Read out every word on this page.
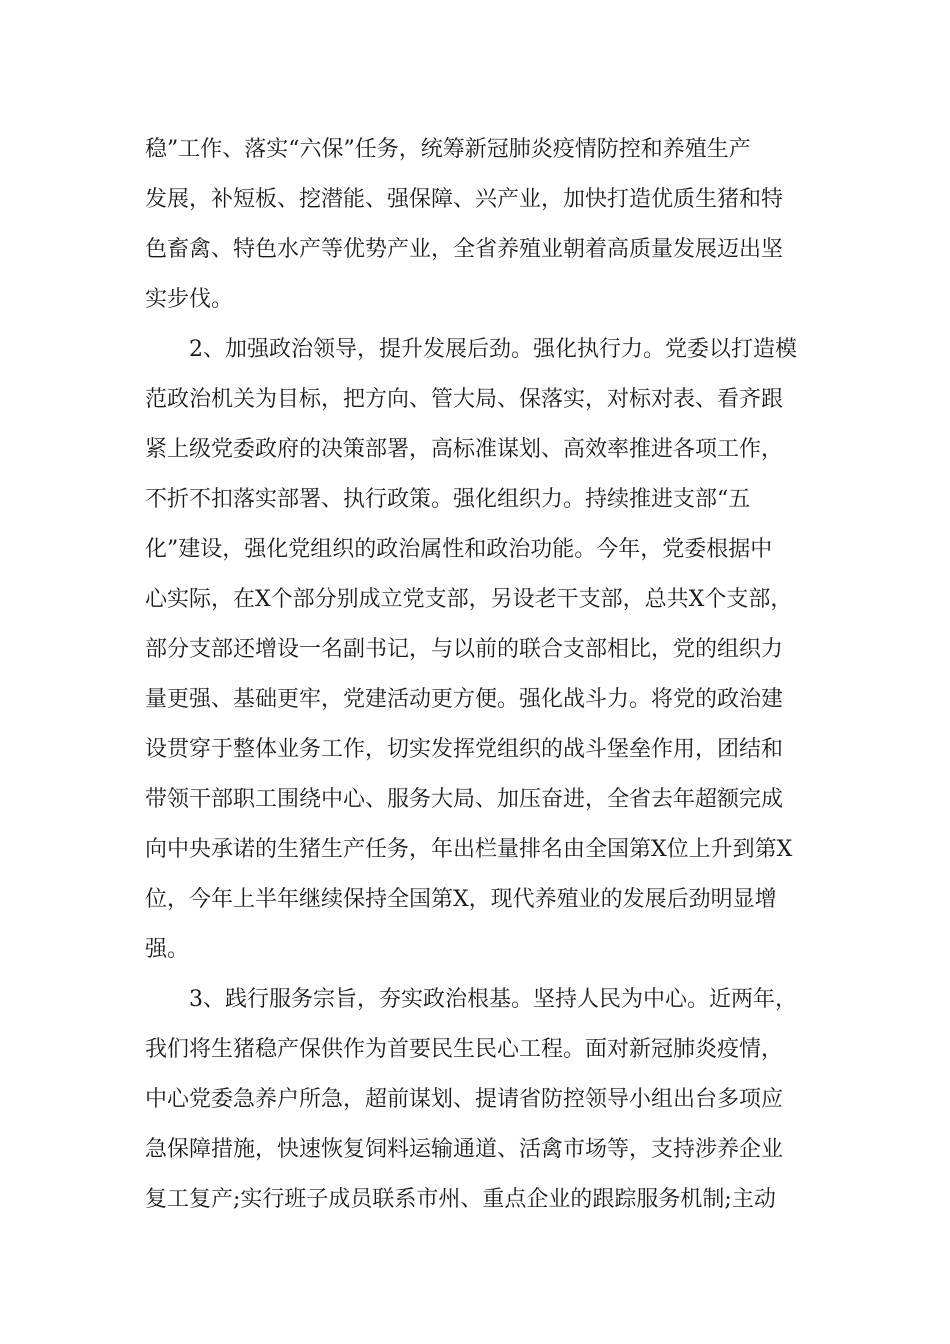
稳”工作、落实“六保”任务，统筹新冠肺炎疫情防控和养殖生产
发展，补短板、挖潜能、强保障、兴产业，加快打造优质生猪和特
色畜禽、特色水产等优势产业，全省养殖业朝着高质量发展迈出坚
实步伐。
2、加强政治领导，提升发展后劲。强化执行力。党委以打造模
范政治机关为目标，把方向、管大局、保落实，对标对表、看齐跟
紧上级党委政府的决策部署，高标准谋划、高效率推进各项工作，
不折不扣落实部署、执行政策。强化组织力。持续推进支部“五
化”建设，强化党组织的政治属性和政治功能。今年，党委根据中
心实际，在X个部分别成立党支部，另设老干支部，总共X个支部，
部分支部还增设一名副书记，与以前的联合支部相比，党的组织力
量更强、基础更牢，党建活动更方便。强化战斗力。将党的政治建
设贯穿于整体业务工作，切实发挥党组织的战斗堡垒作用，团结和
带领干部职工围绕中心、服务大局、加压奋进，全省去年超额完成
向中央承诺的生猪生产任务，年出栏量排名由全国第X位上升到第X
位，今年上半年继续保持全国第X，现代养殖业的发展后劲明显增
强。
3、践行服务宗旨，夯实政治根基。坚持人民为中心。近两年，
我们将生猪稳产保供作为首要民生民心工程。面对新冠肺炎疫情，
中心党委急养户所急，超前谋划、提请省防控领导小组出台多项应
急保障措施，快速恢复饲料运输通道、活禽市场等，支持涉养企业
复工复产;实行班子成员联系市州、重点企业的跟踪服务机制;主动
